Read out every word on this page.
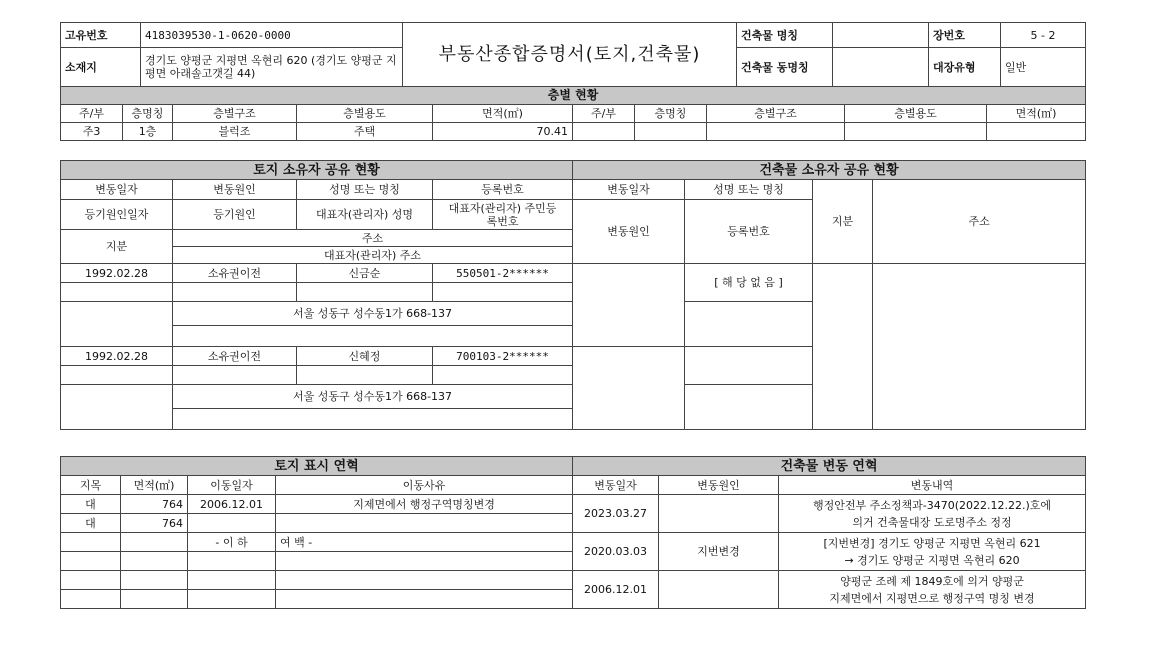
고유번호	4183039530-1-0620-0000	부동산종합증명서(토지,건축물)	건축물 명칭		장번호	5 - 2
소재지	경기도 양평군 지평면 옥현리 620 (경기도 양평군 지평면 아래솔고갯길 44)		건축물 동명칭		대장유형	일반
층별 현황									
주/부	층명칭	층별구조	층별용도	면적(㎡)	주/부	층명칭	층별구조	층별용도	면적(㎡)
주3	1층	블럭조	주택	70.41					
토지 소유자 공유 현황				건축물 소유자 공유 현황			
변동일자	변동원인	성명 또는 명칭	등록번호	변동일자	성명 또는 명칭	지분	주소
등기원인일자	등기원인	대표자(관리자) 성명	대표자(관리자) 주민등록번호	변동원인	등록번호		
지분	주소						
	대표자(관리자) 주소						
1992.02.28	소유권이전	신금순	550501-2******		[ 해 당 없 음 ]		

	서울 성동구 성수동1가 668-137						

1992.02.28	소유권이전	신혜정	700103-2******				

	서울 성동구 성수동1가 668-137						

토지 표시 연혁				건축물 변동 연혁		
지목	면적(㎡)	이동일자	이동사유	변동일자	변동원인	변동내역
대	764	2006.12.01	지제면에서 행정구역명칭변경	2023.03.27		행정안전부 주소정책과-3470(2022.12.22.)호에
의거 건축물대장 도로명주소 정정

대	764					
		- 이 하	여 백 -	2020.03.03	지번변경	[지번변경] 경기도 양평군 지평면 옥현리 621
→ 경기도 양평군 지평면 옥현리 620

				2006.12.01		양평군 조례 제 1849호에 의거 양평군
지제면에서 지평면으로 행정구역 명칭 변경
